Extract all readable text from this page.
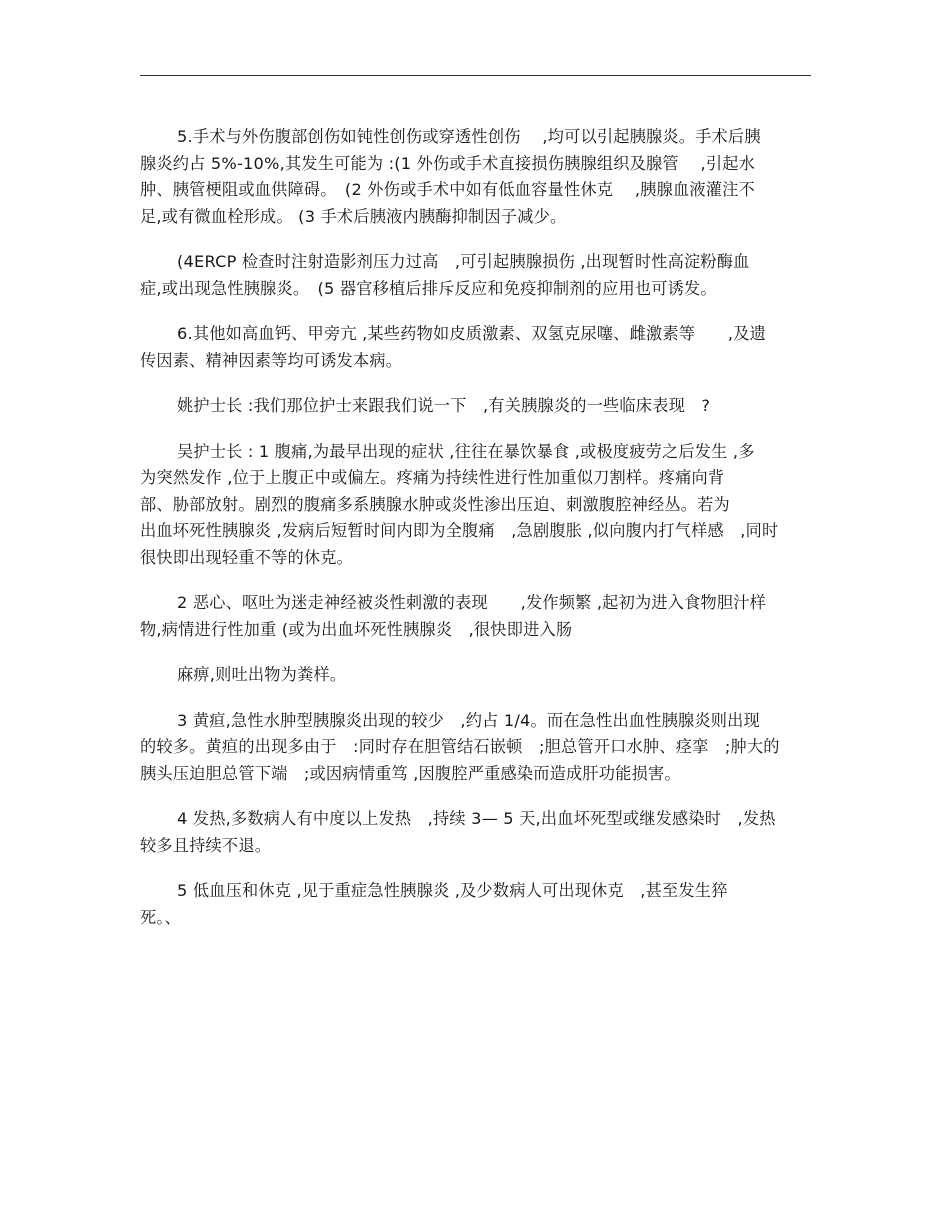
5.手术与外伤腹部创伤如钝性创伤或穿透性创伤　 ,均可以引起胰腺炎。手术后胰
腺炎约占 5%-10%,其发生可能为 :(1 外伤或手术直接损伤胰腺组织及腺管　 ,引起水
肿、胰管梗阻或血供障碍。　(2 外伤或手术中如有低血容量性休克　 ,胰腺血液灌注不
足,或有微血栓形成。 (3 手术后胰液内胰酶抑制因子减少。
(4ERCP 检查时注射造影剂压力过高　,可引起胰腺损伤 ,出现暂时性高淀粉酶血
症,或出现急性胰腺炎。　(5 器官移植后排斥反应和免疫抑制剂的应用也可诱发。
6.其他如高血钙、甲旁亢 ,某些药物如皮质激素、双氢克尿噻、雌激素等　　,及遗
传因素、精神因素等均可诱发本病。
姚护士长 :我们那位护士来跟我们说一下　,有关胰腺炎的一些临床表现　?
吴护士长 : 1 腹痛,为最早出现的症状 ,往往在暴饮暴食 ,或极度疲劳之后发生 ,多
为突然发作 ,位于上腹正中或偏左。疼痛为持续性进行性加重似刀割样。疼痛向背
部、胁部放射。剧烈的腹痛多系胰腺水肿或炎性渗出压迫、刺激腹腔神经丛。若为
出血坏死性胰腺炎 ,发病后短暂时间内即为全腹痛　,急剧腹胀 ,似向腹内打气样感　,同时
很快即出现轻重不等的休克。
2 恶心、呕吐为迷走神经被炎性刺激的表现　　,发作频繁 ,起初为进入食物胆汁样
物,病情进行性加重 (或为出血坏死性胰腺炎　,很快即进入肠
麻痹,则吐出物为粪样。
3 黄疸,急性水肿型胰腺炎出现的较少　,约占 1/4。而在急性出血性胰腺炎则出现
的较多。黄疸的出现多由于　:同时存在胆管结石嵌顿　;胆总管开口水肿、痉挛　;肿大的
胰头压迫胆总管下端　;或因病情重笃 ,因腹腔严重感染而造成肝功能损害。
4 发热,多数病人有中度以上发热　,持续 3— 5 天,出血坏死型或继发感染时　,发热
较多且持续不退。
5 低血压和休克 ,见于重症急性胰腺炎 ,及少数病人可出现休克　,甚至发生猝
死。、
